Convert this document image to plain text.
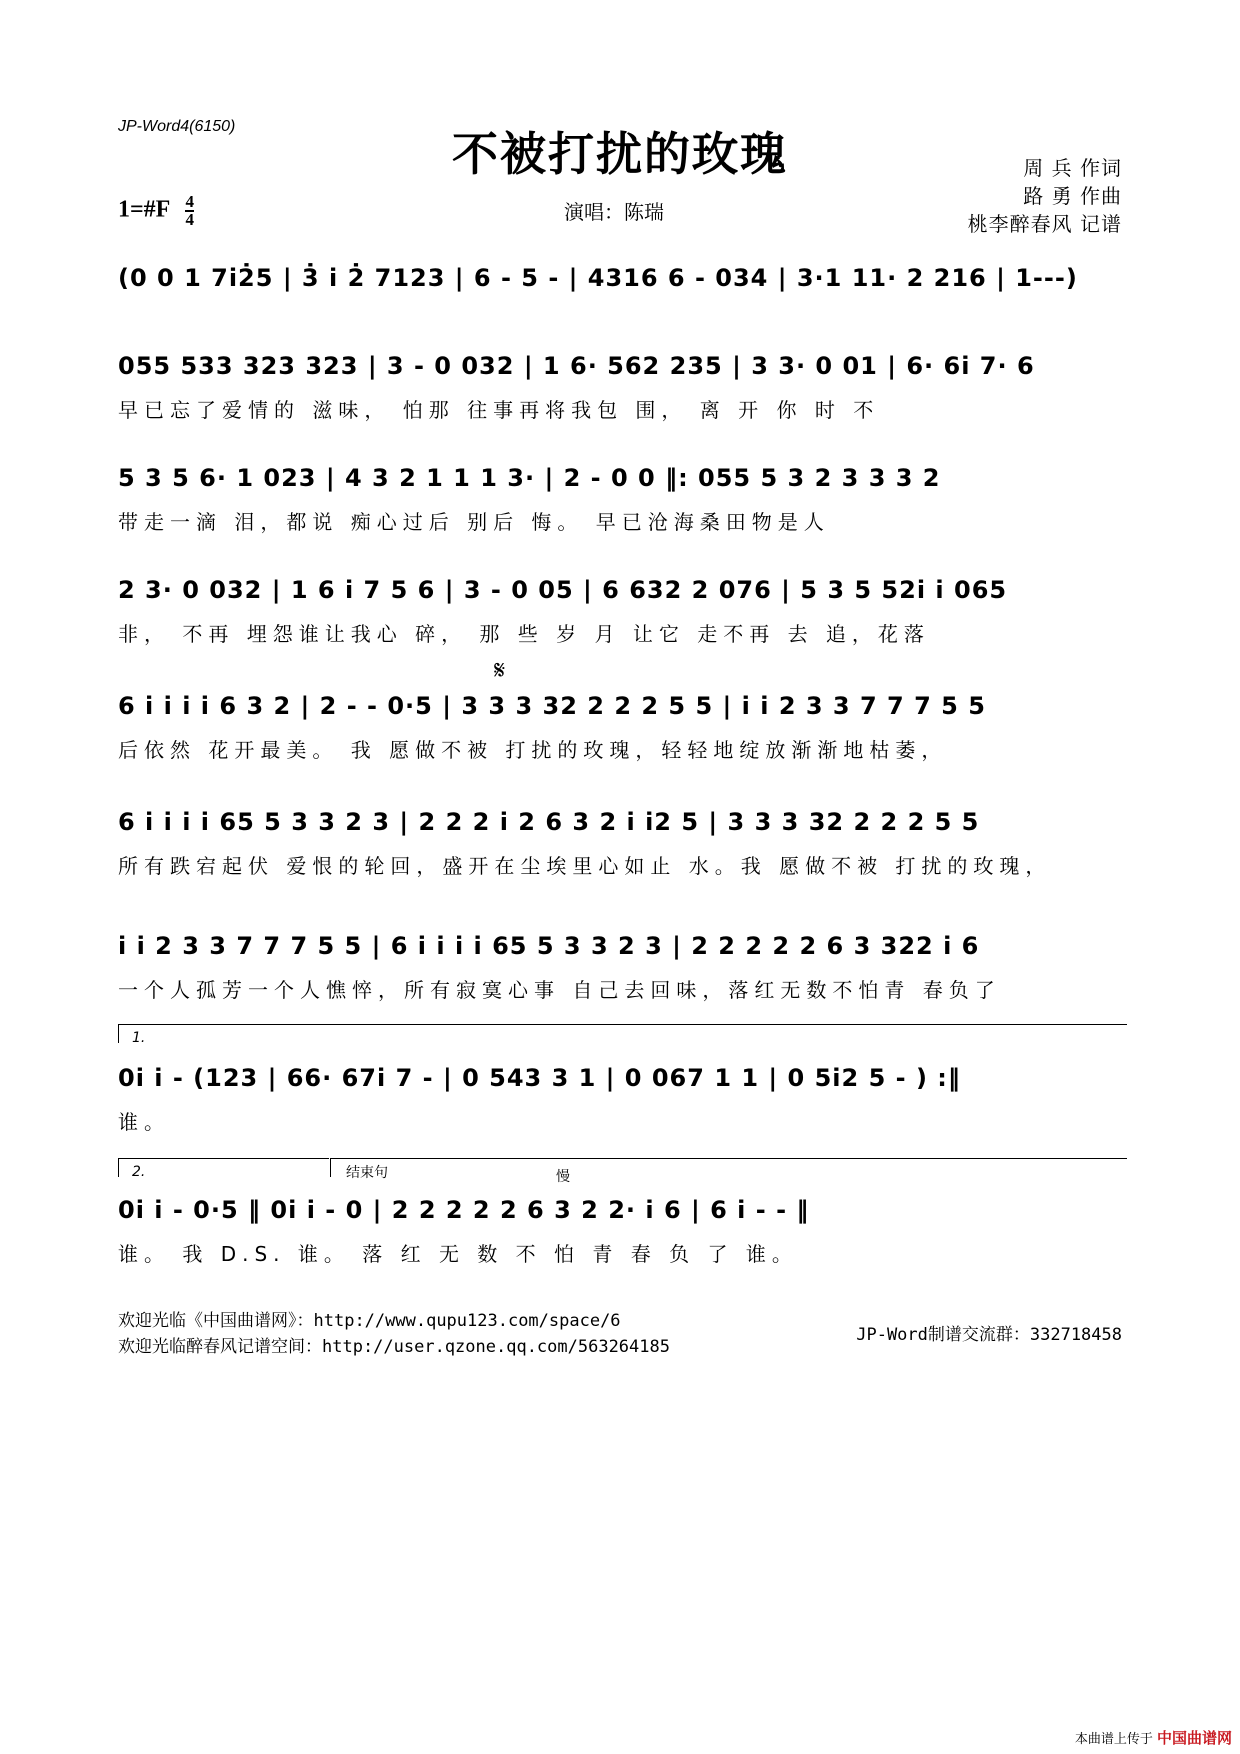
JP-Word4(6150)
不被打扰的玫瑰	周 兵 作词
路 勇 作曲
桃李醉春风 记谱
1=#F $\frac{4}{4}$	演唱：陈瑞
(0 0 1 7i2̇5 | 3̇ i 2̇ 7123 | 6 - 5 - | 4316 6 - 034 | 3·1 11· 2 216 | 1---)
055 533 323 323 | 3 - 0 032 | 1 6· 562 235 | 3 3· 0 01 | 6· 6i 7· 6
早已忘了爱情的 滋味， 怕那 往事再将我包 围， 离 开 你 时 不
5 3 5 6· 1 023 | 4 3 2 1 1 1 3· | 2 - 0 0 ‖: 055 5 3 2 3 3 3 2
带走一滴 泪，都说 痴心过后 别后 悔。 早已沧海桑田物是人
2 3· 0 032 | 1 6 i 7 5 6 | 3 - 0 05 | 6 632 2 076 | 5 3 5 52i i 065
非， 不再 埋怨谁让我心 碎， 那 些 岁 月 让它 走不再 去 追，花落
𝄋
6 i i i i 6 3 2 | 2 - - 0·5 | 3 3 3 32 2 2 2 5 5 | i i 2 3 3 7 7 7 5 5
后依然 花开最美。 我 愿做不被 打扰的玫瑰，轻轻地绽放渐渐地枯萎，
6 i i i i 65 5 3 3 2 3 | 2 2 2 i 2 6 3 2 i i2 5 | 3 3 3 32 2 2 2 5 5
所有跌宕起伏 爱恨的轮回，盛开在尘埃里心如止 水。我 愿做不被 打扰的玫瑰，
i i 2 3 3 7 7 7 5 5 | 6 i i i i 65 5 3 3 2 3 | 2 2 2 2 2 6 3 322 i 6
一个人孤芳一个人憔悴，所有寂寞心事 自己去回味，落红无数不怕青 春负了
1.
0i i - (123 | 66· 67i 7 - | 0 543 3 1 | 0 067 1 1 | 0 5i2 5 - ) :‖
谁。
2.	结束句	慢
0i i - 0·5 ‖ 0i i - 0 | 2 2 2 2 2 6 3 2 2· i 6 | 6 i - - ‖
谁。 我 D.S. 谁。 落 红 无 数 不 怕 青 春 负 了 谁。
欢迎光临《中国曲谱网》：http://www.qupu123.com/space/6
欢迎光临醉春风记谱空间：http://user.qzone.qq.com/563264185
JP-Word制谱交流群：332718458
本曲谱上传于 中国曲谱网
